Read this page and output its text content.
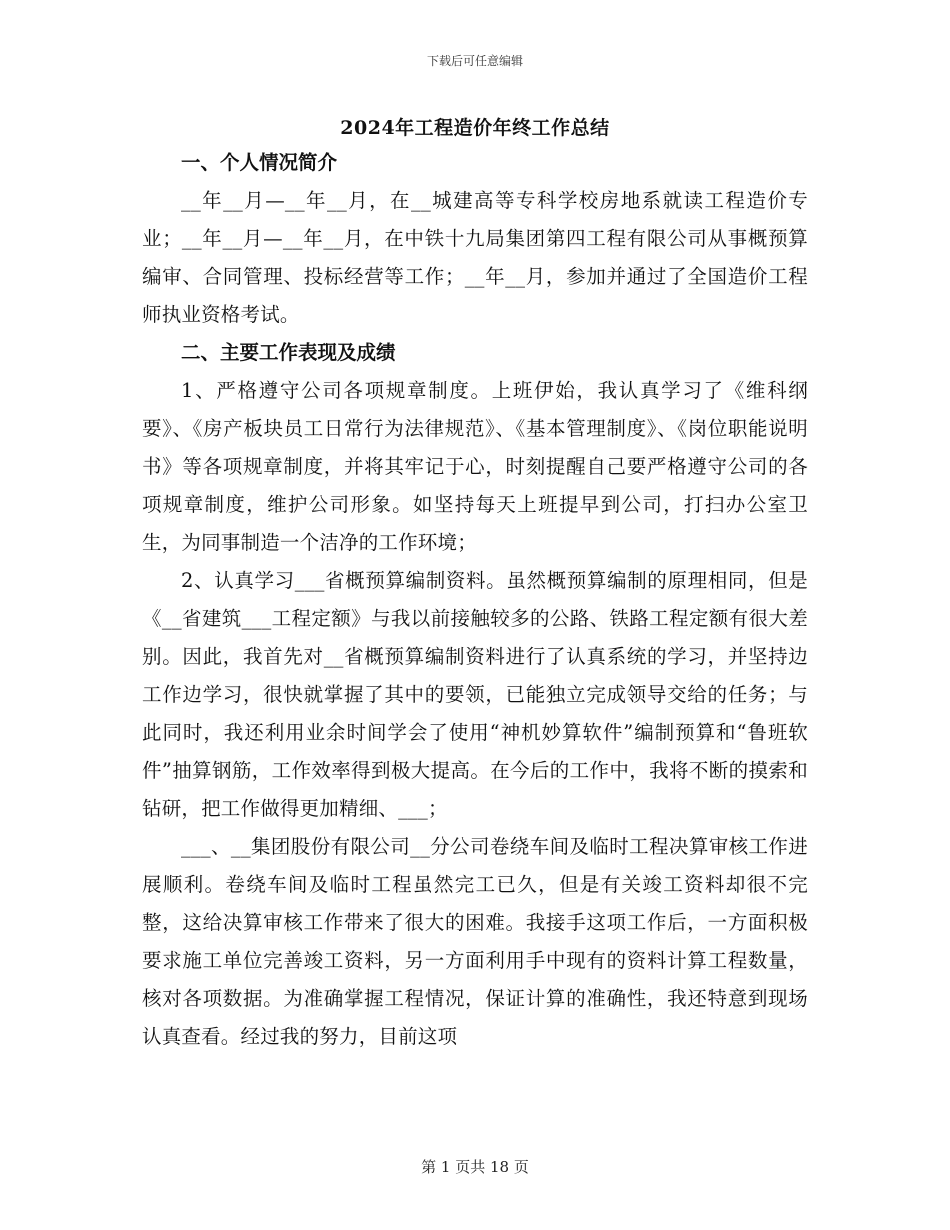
下载后可任意编辑
2024年工程造价年终工作总结

一、个人情况简介

__年__月—__年__月，在__城建高等专科学校房地系就读工程造价专业；__年__月—__年__月，在中铁十九局集团第四工程有限公司从事概预算编审、合同管理、投标经营等工作；__年__月，参加并通过了全国造价工程师执业资格考试。

二、主要工作表现及成绩

1、严格遵守公司各项规章制度。上班伊始，我认真学习了《维科纲要》、《房产板块员工日常行为法律规范》、《基本管理制度》、《岗位职能说明书》等各项规章制度，并将其牢记于心，时刻提醒自己要严格遵守公司的各项规章制度，维护公司形象。如坚持每天上班提早到公司，打扫办公室卫生，为同事制造一个洁净的工作环境；

2、认真学习___省概预算编制资料。虽然概预算编制的原理相同，但是《__省建筑___工程定额》与我以前接触较多的公路、铁路工程定额有很大差别。因此，我首先对__省概预算编制资料进行了认真系统的学习，并坚持边工作边学习，很快就掌握了其中的要领，已能独立完成领导交给的任务；与此同时，我还利用业余时间学会了使用“神机妙算软件”编制预算和“鲁班软件”抽算钢筋，工作效率得到极大提高。在今后的工作中，我将不断的摸索和钻研，把工作做得更加精细、___；

___、__集团股份有限公司__分公司卷绕车间及临时工程决算审核工作进展顺利。卷绕车间及临时工程虽然完工已久，但是有关竣工资料却很不完整，这给决算审核工作带来了很大的困难。我接手这项工作后，一方面积极要求施工单位完善竣工资料，另一方面利用手中现有的资料计算工程数量，核对各项数据。为准确掌握工程情况，保证计算的准确性，我还特意到现场认真查看。经过我的努力，目前这项

第 1 页共 18 页
